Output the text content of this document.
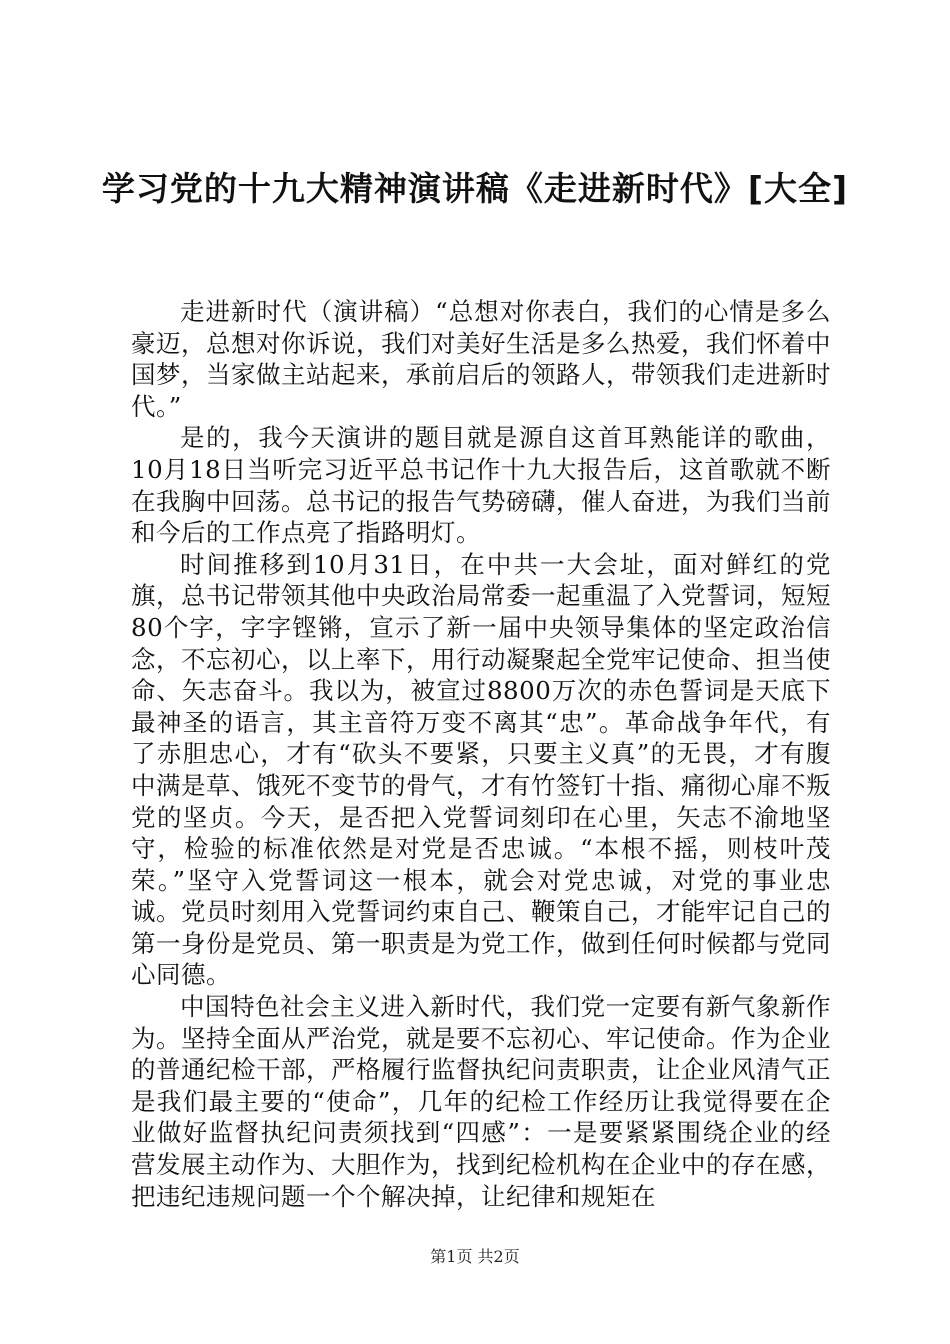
学习党的十九大精神演讲稿《走进新时代》[大全]

走进新时代（演讲稿）“总想对你表白，我们的心情是多么豪迈，总想对你诉说，我们对美好生活是多么热爱，我们怀着中国梦，当家做主站起来，承前启后的领路人，带领我们走进新时代。”

是的，我今天演讲的题目就是源自这首耳熟能详的歌曲，10月18日当听完习近平总书记作十九大报告后，这首歌就不断在我胸中回荡。总书记的报告气势磅礴，催人奋进，为我们当前和今后的工作点亮了指路明灯。

时间推移到10月31日，在中共一大会址，面对鲜红的党旗，总书记带领其他中央政治局常委一起重温了入党誓词，短短80个字，字字铿锵，宣示了新一届中央领导集体的坚定政治信念，不忘初心，以上率下，用行动凝聚起全党牢记使命、担当使命、矢志奋斗。我以为，被宣过8800万次的赤色誓词是天底下最神圣的语言，其主音符万变不离其“忠”。革命战争年代，有了赤胆忠心，才有“砍头不要紧，只要主义真”的无畏，才有腹中满是草、饿死不变节的骨气，才有竹签钉十指、痛彻心扉不叛党的坚贞。今天，是否把入党誓词刻印在心里，矢志不渝地坚守，检验的标准依然是对党是否忠诚。“本根不摇，则枝叶茂荣。”坚守入党誓词这一根本，就会对党忠诚，对党的事业忠诚。党员时刻用入党誓词约束自己、鞭策自己，才能牢记自己的第一身份是党员、第一职责是为党工作，做到任何时候都与党同心同德。

中国特色社会主义进入新时代，我们党一定要有新气象新作为。坚持全面从严治党，就是要不忘初心、牢记使命。作为企业的普通纪检干部，严格履行监督执纪问责职责，让企业风清气正是我们最主要的“使命”，几年的纪检工作经历让我觉得要在企业做好监督执纪问责须找到“四感”：一是要紧紧围绕企业的经营发展主动作为、大胆作为，找到纪检机构在企业中的存在感，把违纪违规问题一个个解决掉，让纪律和规矩在

第1页 共2页
